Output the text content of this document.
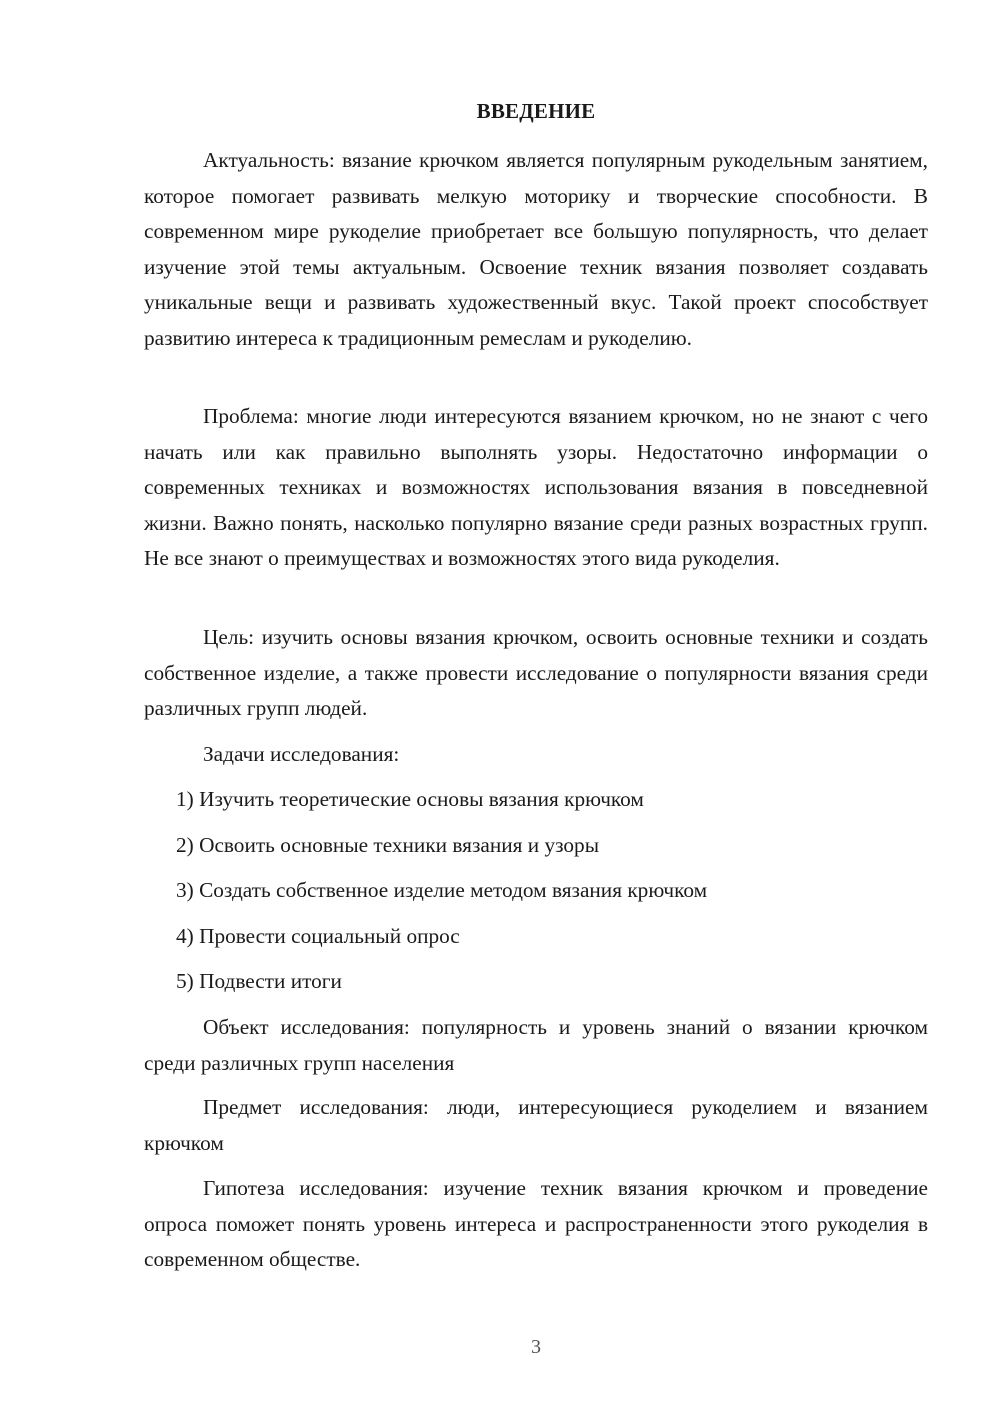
ВВЕДЕНИЕ

Актуальность: вязание крючком является популярным рукодельным занятием, которое помогает развивать мелкую моторику и творческие способности. В современном мире рукоделие приобретает все большую популярность, что делает изучение этой темы актуальным. Освоение техник вязания позволяет создавать уникальные вещи и развивать художественный вкус. Такой проект способствует развитию интереса к традиционным ремеслам и рукоделию.

Проблема: многие люди интересуются вязанием крючком, но не знают с чего начать или как правильно выполнять узоры. Недостаточно информации о современных техниках и возможностях использования вязания в повседневной жизни. Важно понять, насколько популярно вязание среди разных возрастных групп. Не все знают о преимуществах и возможностях этого вида рукоделия.

Цель: изучить основы вязания крючком, освоить основные техники и создать собственное изделие, а также провести исследование о популярности вязания среди различных групп людей.

Задачи исследования:

1) Изучить теоретические основы вязания крючком

2) Освоить основные техники вязания и узоры

3) Создать собственное изделие методом вязания крючком

4) Провести социальный опрос

5) Подвести итоги

Объект исследования: популярность и уровень знаний о вязании крючком среди различных групп населения

Предмет исследования: люди, интересующиеся рукоделием и вязанием крючком

Гипотеза исследования: изучение техник вязания крючком и проведение опроса поможет понять уровень интереса и распространенности этого рукоделия в современном обществе.

3
